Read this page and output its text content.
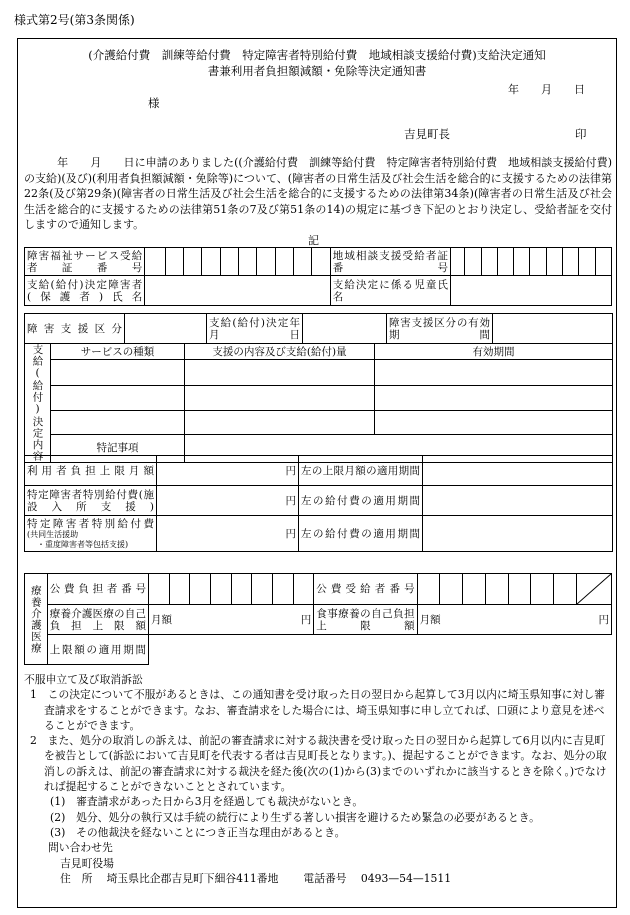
様式第2号(第3条関係)
(介護給付費　訓練等給付費　特定障害者特別給付費　地域相談支援給付費)支給決定通知
書兼利用者負担額減額・免除等決定通知書
年　　月　　日
様
吉見町長	印
　　　年　　月　　日に申請のありました((介護給付費　訓練等給付費　特定障害者特別給付費　地域相談支援給付費)の支給)(及び)(利用者負担額減額・免除等)について、(障害者の日常生活及び社会生活を総合的に支援するための法律第22条(及び第29条)(障害者の日常生活及び社会生活を総合的に支援するための法律第34条)(障害者の日常生活及び社会生活を総合的に支援するための法律第51条の7及び第51条の14)の規定に基づき下記のとおり決定し、受給者証を交付しますので通知します。
記
障害福祉サービス受給者証番号											地域相談支援受給者証番号										
支給(給付)決定障害者(保護者)氏名											支給決定に係る児童氏名										
障害支援区分		支給(給付)決定年月日		障害支援区分の有効期間	
支給(給付)決定内容	サービスの種類	支援の内容及び支給(給付)量	有効期間

	特記事項		
利用者負担上限月額	円	左の上限月額の適用期間	
特定障害者特別給付費(施設入所支援)	円	左の給付費の適用期間	

特定障害者特別給付費
(共同生活援助
・重度障害者等包括支援)	円	左の給付費の適用期間	
療養介護医療	公費負担者番号									公費受給者番号								

	療養介護医療の自己負担上限額	月額 円								食事療養の自己負担上限額	月額 円							

	上限額の適用期間																	

不服申立て及び取消訴訟

1　この決定について不服があるときは、この通知書を受け取った日の翌日から起算して3月以内に埼玉県知事に対し審査請求をすることができます。なお、審査請求をした場合には、埼玉県知事に申し立てれば、口頭により意見を述べることができます。

2　また、処分の取消しの訴えは、前記の審査請求に対する裁決書を受け取った日の翌日から起算して6月以内に吉見町を被告として(訴訟において吉見町を代表する者は吉見町長となります。)、提起することができます。なお、処分の取消しの訴えは、前記の審査請求に対する裁決を経た後(次の(1)から(3)までのいずれかに該当するときを除く。)でなければ提起することができないこととされています。

(1)　審査請求があった日から3月を経過しても裁決がないとき。

(2)　処分、処分の執行又は手続の続行により生ずる著しい損害を避けるため緊急の必要があるとき。

(3)　その他裁決を経ないことにつき正当な理由があるとき。

問い合わせ先

吉見町役場

住　所　 埼玉県比企郡吉見町下細谷411番地　　 電話番号　 0493—54—1511
